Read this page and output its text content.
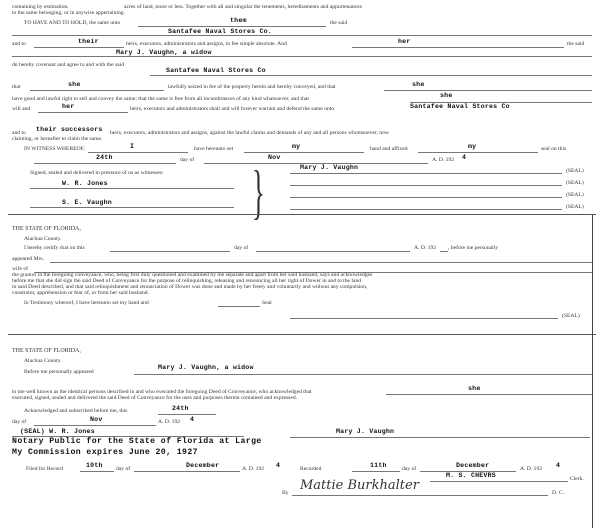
containing by estimation.	acres of land, more or less. Together with all and singular the tenements, hereditaments and appurtenances
to the same belonging, or in anywise appertaining.
TO HAVE AND TO HOLD, the same unto	them	the said
Santafee Naval Stores Co.
and to	their	heirs, executors, administrators and assigns, in fee simple absolute. And	her	the said
Mary J. Vaughn, a widow
do hereby covenant and agree to and with the said
Santafee Naval Stores Co
that	she	lawfully seized in fee of the property herein and hereby conveyed, and that	she
have good and lawful right to sell and convey the same; that the same is free from all incumbrances of any kind whatsoever, and that	she
will and	her	heirs, executors and administrators shall and will forever warrant and defend the same unto	Santafee Naval Stores Co
and to their successors heirs, executors, administrators and assigns, against the lawful claims and demands of any and all persons whomsoever, now
claiming, or hereafter to claim the same.
IN WITNESS WHEREOF,	I	have hereunto set	my	hand and affixed	my	seal on this
24th	day of	Nov	A. D. 192 4
Mary J. Vaughn	(SEAL)
Signed, sealed and delivered in presence of us as witnesses: }	(SEAL)
W. R. Jones
(SEAL)
S. E. Vaughn
(SEAL)
THE STATE OF FLORIDA,
Alachua County.
I hereby certify that on this	day of	A. D. 192 , before me personally
appeared Mrs.
wife of
the grantor in the foregoing conveyance, who, being first duly questioned and examined by me separate and apart from her said husband, says and acknowledges
before me that she did sign the said Deed of Conveyance for the purpose of relinquishing, releasing and renouncing all her right of Dower in and to the land
in said Deed described, and that said relinquishment and renunciation of Dower was done and made by her freely and voluntarily and without any compulsion,
constraint, apprehension or fear of, or from her said husband.
In Testimony whereof, I have hereunto set my hand and	Seal
(SEAL)
THE STATE OF FLORIDA,
Alachua County.
Before me personally appeared
Mary J. Vaughn, a widow
to me well known as the identical persons described in and who executed the foregoing Deed of Conveyance, who acknowledged that	she
executed, signed, sealed and delivered the said Deed of Conveyance for the uses and purposes therein contained and expressed.
Acknowledged and subscribed before me, this	24th
Nov
day of	A. D. 192 4
(SEAL) W. R. Jones	Mary J. Vaughn
Notary Public for the State of Florida at Large
My Commission expires June 20, 1927
Filed for Record	10th day of	December	A. D. 192 4	Recorded	11th	day of	December	A. D. 192 4
M. S. CHEVRS	Clerk.
By Mattie Burkhalter	D. C.
